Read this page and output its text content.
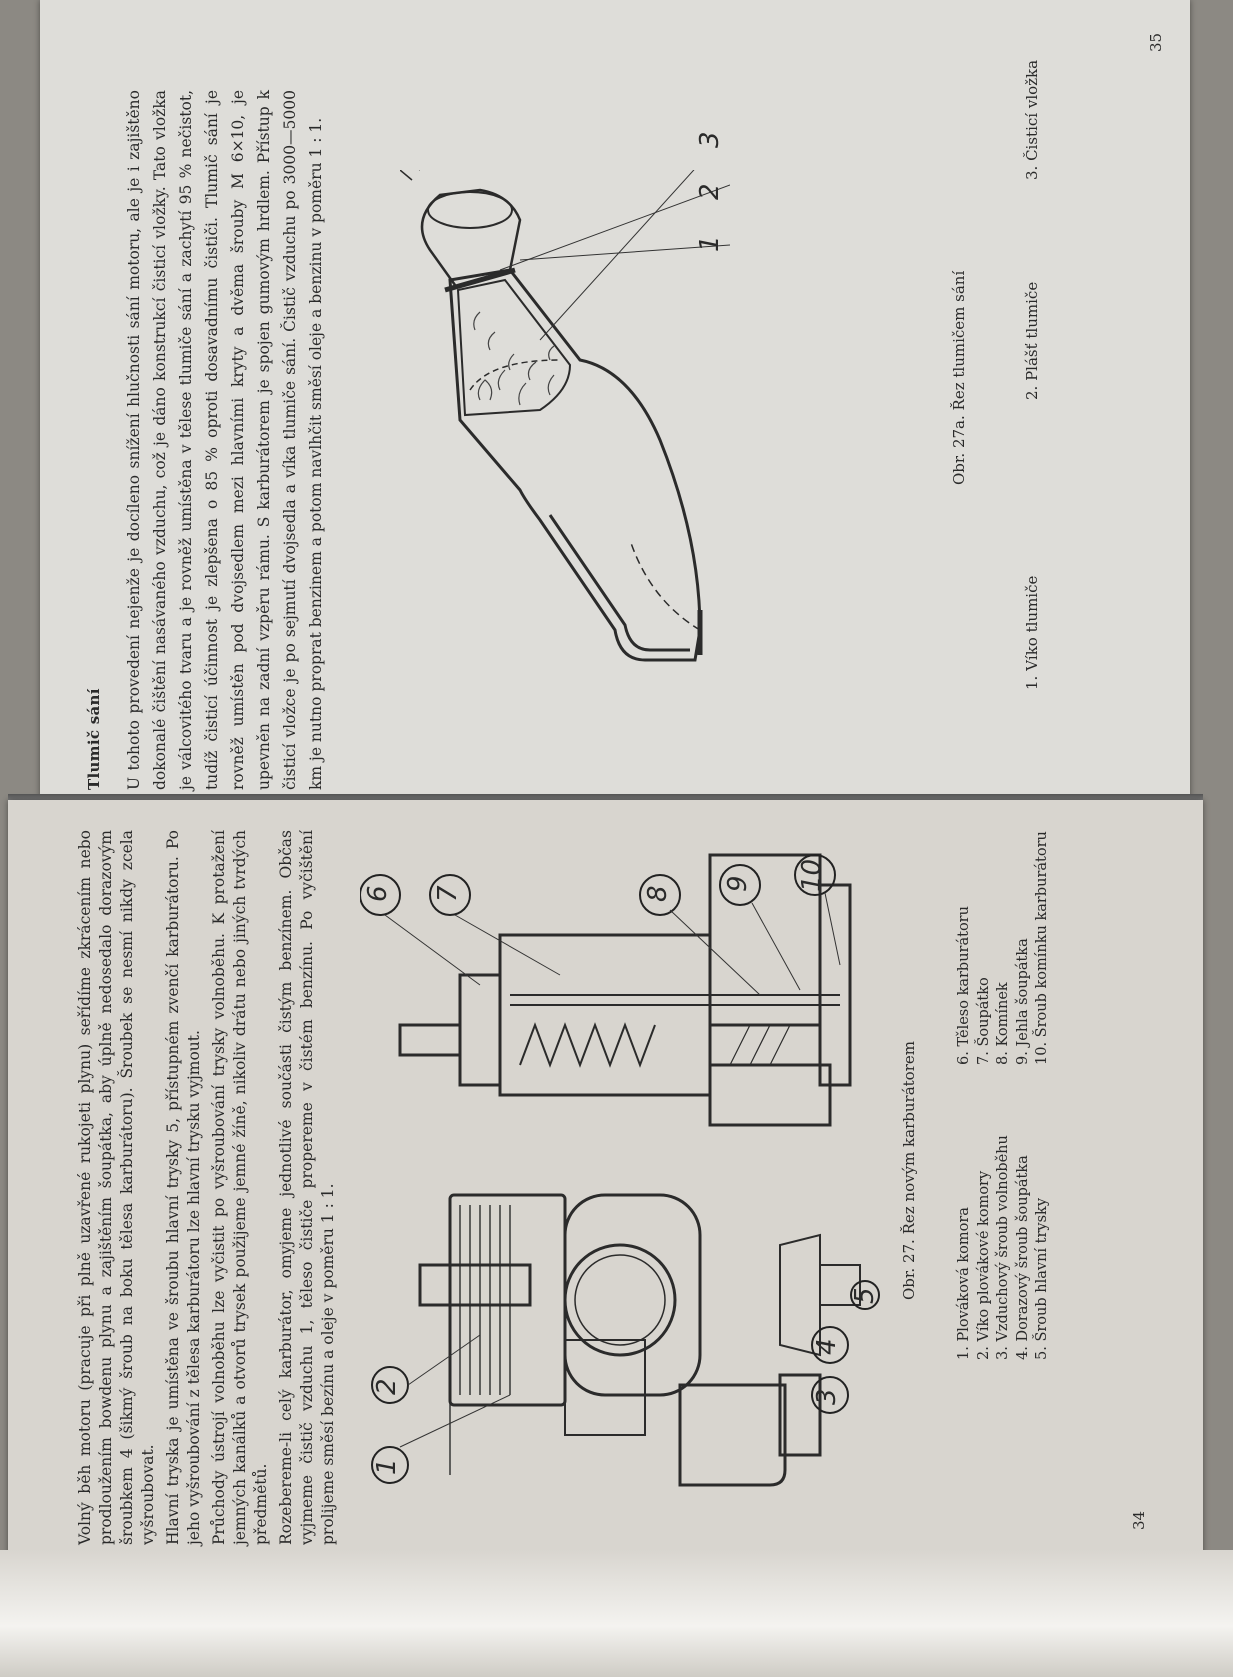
Tlumič sání U tohoto provedení nejenže je docíleno snížení hlučnosti sání motoru, ale je i zajištěno dokonalé čištění nasávaného vzduchu, což je dáno konstrukcí čisticí vložky. Tato vložka je válcovitého tvaru a je rovněž umístěna v tělese tlumiče sání a zachytí 95 % nečistot, tudíž čisticí účinnost je zlepšena o 85 % oproti dosavadnímu čističi. Tlumič sání je rovněž umístěn pod dvojsedlem mezi hlavními kryty a dvěma šrouby M 6×10, je upevněn na zadní vzpěru rámu. S karburátorem je spojen gumovým hrdlem. Přístup k čisticí vložce je po sejmutí dvojsedla a víka tlumiče sání. Čistič vzduchu po 3000—5000 km je nutno proprat benzinem a potom navlhčit směsí oleje a benzinu v poměru 1 : 1.	1
2
3
Obr. 27a. Řez tlumičem sání
1. Víko tlumiče
2. Plášť tlumiče
3. Čisticí vložka
35

Volný běh motoru (pracuje při plně uzavřené rukojeti plynu) seřídíme zkrácením nebo prodloužením bowdenu plynu a zajištěním šoupátka, aby úplně nedosedalo dorazovým šroubkem 4 (šikmý šroub na boku tělesa karburátoru). Šroubek se nesmí nikdy zcela vyšroubovat. Hlavní tryska je umístěna ve šroubu hlavní trysky 5, přístupném zvenčí karburátoru. Po jeho vyšroubování z tělesa karburátoru lze hlavní trysku vyjmout. Průchody ústrojí volnoběhu lze vyčistit po vyšroubování trysky volnoběhu. K protažení jemných kanálků a otvorů trysek použijeme jemné žíně, nikoliv drátu nebo jiných tvrdých předmětů. Rozebereme-li celý karburátor, omyjeme jednotlivé součásti čistým benzínem. Občas vyjmeme čistič vzduchu 1, těleso čističe propereme v čistém benzínu. Po vyčištění prolijeme směsí bezínu a oleje v poměru 1 : 1. 1
2
3
4
5
6 7	8
9 10
Obr. 27. Řez novým karburátorem	1. Plováková komora 2. Víko plovákové komory 3. Vzduchový šroub volnoběhu 4. Dorazový šroub šoupátka 5. Šroub hlavní trysky
6. Těleso karburátoru 7. Šoupátko 8. Komínek 9. Jehla šoupátka 10. Šroub komínku karburátoru
34
